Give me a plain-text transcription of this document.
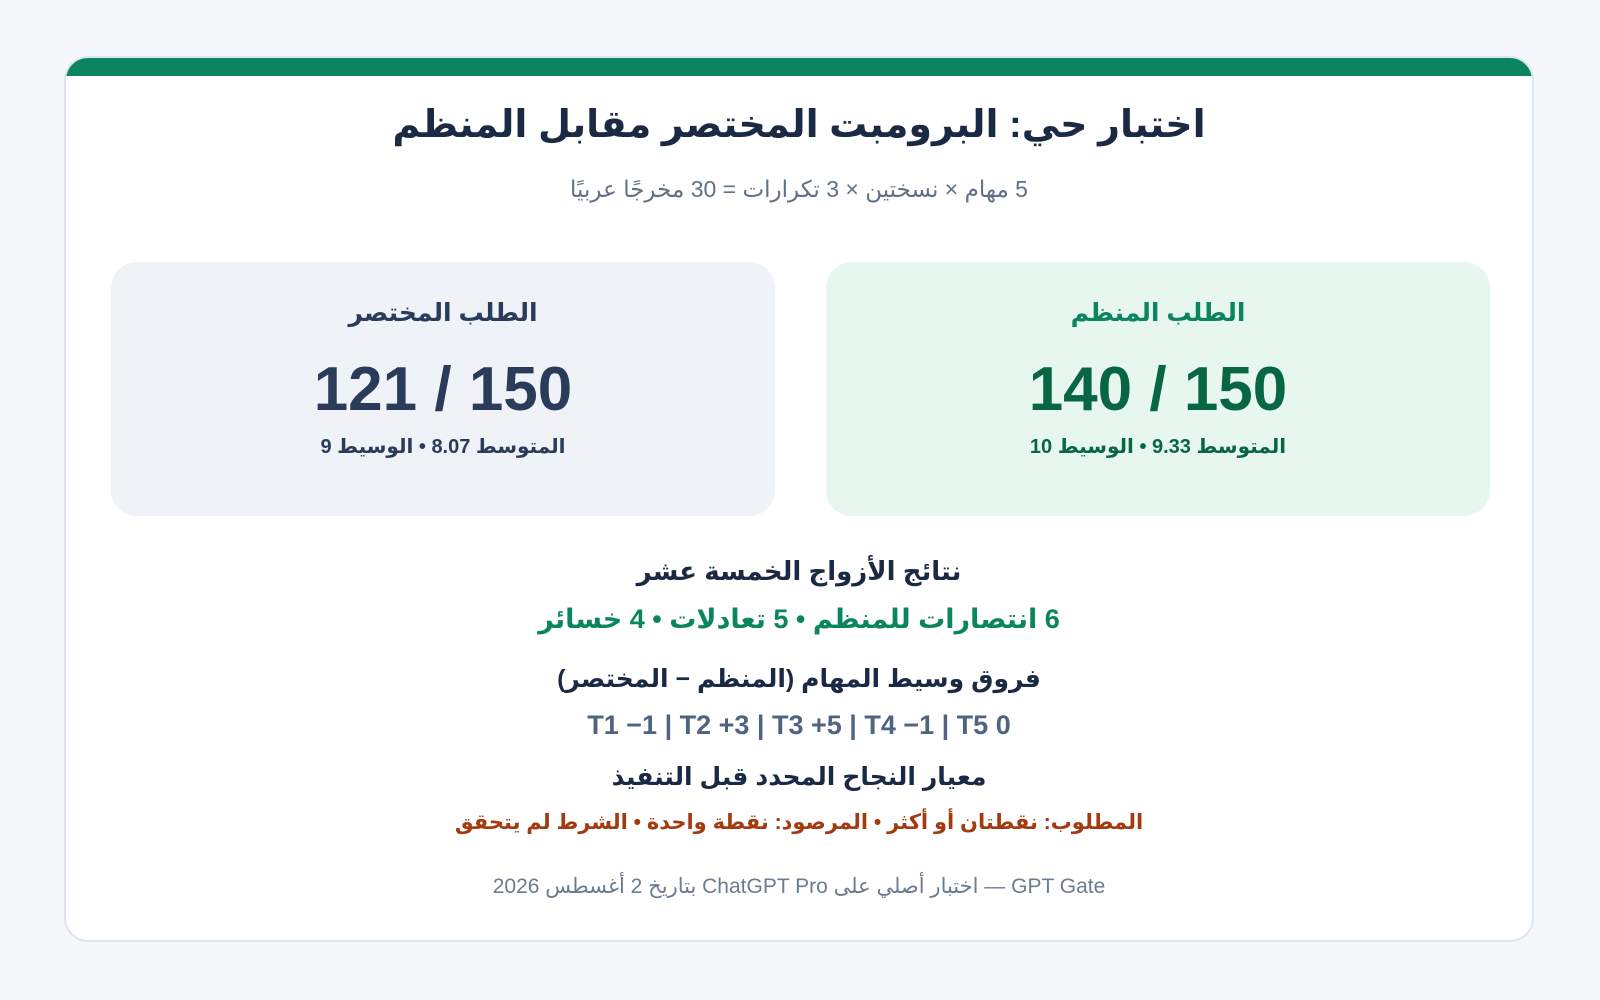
اختبار حي: البرومبت المختصر مقابل المنظم
5 مهام × نسختين × 3 تكرارات = 30 مخرجًا عربيًا
الطلب المنظم
140 / 150
المتوسط 9.33 • الوسيط 10
الطلب المختصر
121 / 150
المتوسط 8.07 • الوسيط 9
نتائج الأزواج الخمسة عشر
6 انتصارات للمنظم • 5 تعادلات • 4 خسائر
فروق وسيط المهام (المنظم − المختصر)
T1 −1 | T2 +3 | T3 +5 | T4 −1 | T5 0
معيار النجاح المحدد قبل التنفيذ
المطلوب: نقطتان أو أكثر • المرصود: نقطة واحدة • الشرط لم يتحقق
GPT Gate — اختبار أصلي على ChatGPT Pro بتاريخ 2 أغسطس 2026
